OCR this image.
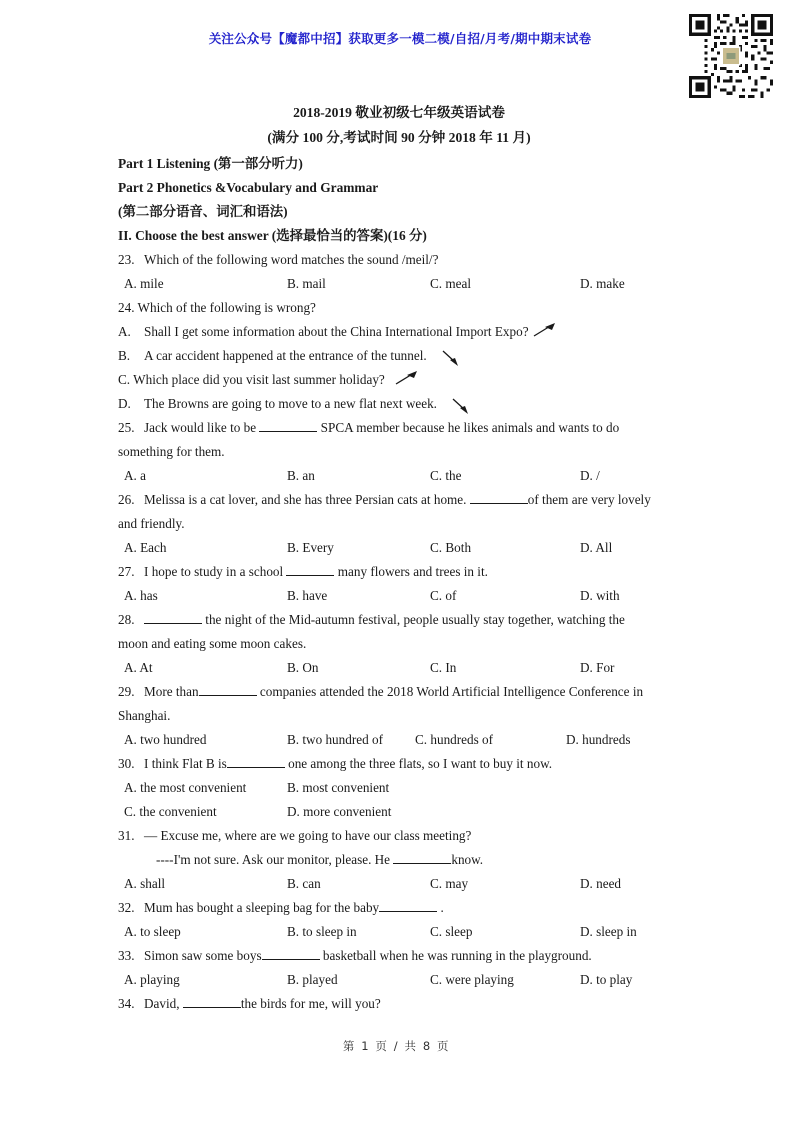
关注公众号【魔都中招】获取更多一模二模/自招/月考/期中期末试卷
2018-2019 敬业初级七年级英语试卷
(满分 100 分,考试时间 90 分钟 2018 年 11 月)
Part 1 Listening (第一部分听力)
Part 2 Phonetics &Vocabulary and Grammar
(第二部分语音、词汇和语法)
II. Choose the best answer (选择最恰当的答案)(16 分)
23. Which of the following word matches the sound /meil/?
A. mile	B. mail	C. meal	D. make
24. Which of the following is wrong?
A. Shall I get some information about the China International Import Expo?
B. A car accident happened at the entrance of the tunnel.
C. Which place did you visit last summer holiday?
D. The Browns are going to move to a new flat next week.
25. Jack would like to be	SPCA member because he likes animals and wants to do
something for them.
A. a	B. an	C. the	D. /
26. Melissa is a cat lover, and she has three Persian cats at home.	of them are very lovely
and friendly.
A. Each	B. Every	C. Both	D. All
27. I hope to study in a school	many flowers and trees in it.
A. has	B. have	C. of	D. with
28.	the night of the Mid-autumn festival, people usually stay together, watching the
moon and eating some moon cakes.
A. At	B. On	C. In	D. For
29. More than	companies attended the 2018 World Artificial Intelligence Conference in
Shanghai.
A. two hundred	B. two hundred of C. hundreds of	D. hundreds
30. I think Flat B is	one among the three flats, so I want to buy it now.
A. the most convenient	B. most convenient
C. the convenient	D. more convenient
31. — Excuse me, where are we going to have our class meeting?
----I'm not sure. Ask our monitor, please. He	know.
A. shall	B. can	C. may	D. need
32. Mum has bought a sleeping bag for the baby	.
A. to sleep	B. to sleep in	C. sleep	D. sleep in
33. Simon saw some boys	basketball when he was running in the playground.
A. playing	B. played	C. were playing	D. to play
34. David,	the birds for me, will you?
第 1 页 / 共 8 页
